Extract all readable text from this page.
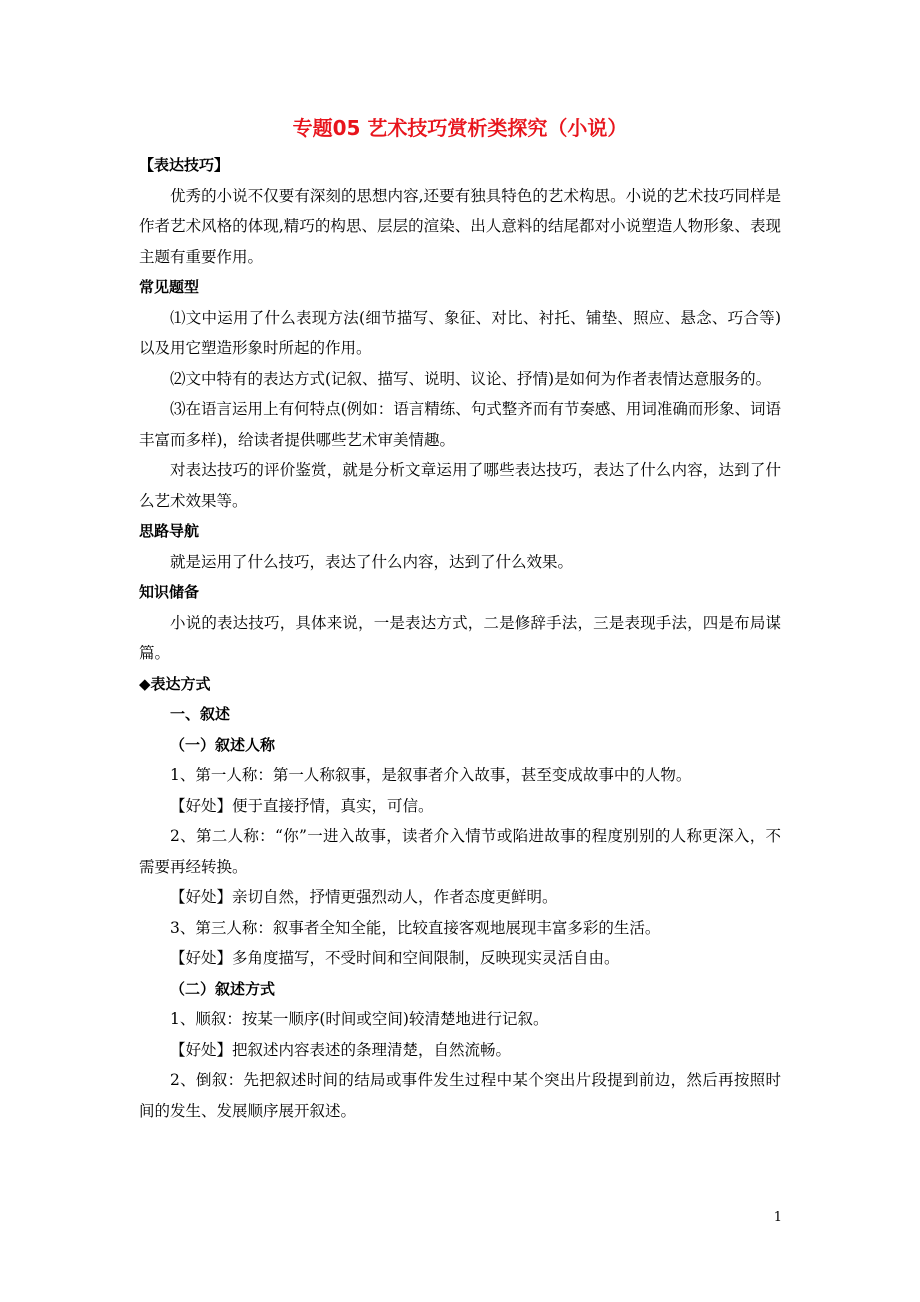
专题05 艺术技巧赏析类探究（小说）

【表达技巧】

优秀的小说不仅要有深刻的思想内容,还要有独具特色的艺术构思。小说的艺术技巧同样是作者艺术风格的体现,精巧的构思、层层的渲染、出人意料的结尾都对小说塑造人物形象、表现主题有重要作用。

常见题型

⑴文中运用了什么表现方法(细节描写、象征、对比、衬托、铺垫、照应、悬念、巧合等)以及用它塑造形象时所起的作用。

⑵文中特有的表达方式(记叙、描写、说明、议论、抒情)是如何为作者表情达意服务的。

⑶在语言运用上有何特点(例如：语言精练、句式整齐而有节奏感、用词准确而形象、词语丰富而多样)，给读者提供哪些艺术审美情趣。

对表达技巧的评价鉴赏，就是分析文章运用了哪些表达技巧，表达了什么内容，达到了什么艺术效果等。

思路导航

就是运用了什么技巧，表达了什么内容，达到了什么效果。

知识储备

小说的表达技巧，具体来说，一是表达方式，二是修辞手法，三是表现手法，四是布局谋篇。

◆表达方式

一、叙述

（一）叙述人称

1、第一人称：第一人称叙事，是叙事者介入故事，甚至变成故事中的人物。

【好处】便于直接抒情，真实，可信。

2、第二人称：“你”一进入故事，读者介入情节或陷进故事的程度别别的人称更深入，不需要再经转换。

【好处】亲切自然，抒情更强烈动人，作者态度更鲜明。

3、第三人称：叙事者全知全能，比较直接客观地展现丰富多彩的生活。

【好处】多角度描写，不受时间和空间限制，反映现实灵活自由。

（二）叙述方式

1、顺叙：按某一顺序(时间或空间)较清楚地进行记叙。

【好处】把叙述内容表述的条理清楚，自然流畅。

2、倒叙：先把叙述时间的结局或事件发生过程中某个突出片段提到前边，然后再按照时间的发生、发展顺序展开叙述。

1
